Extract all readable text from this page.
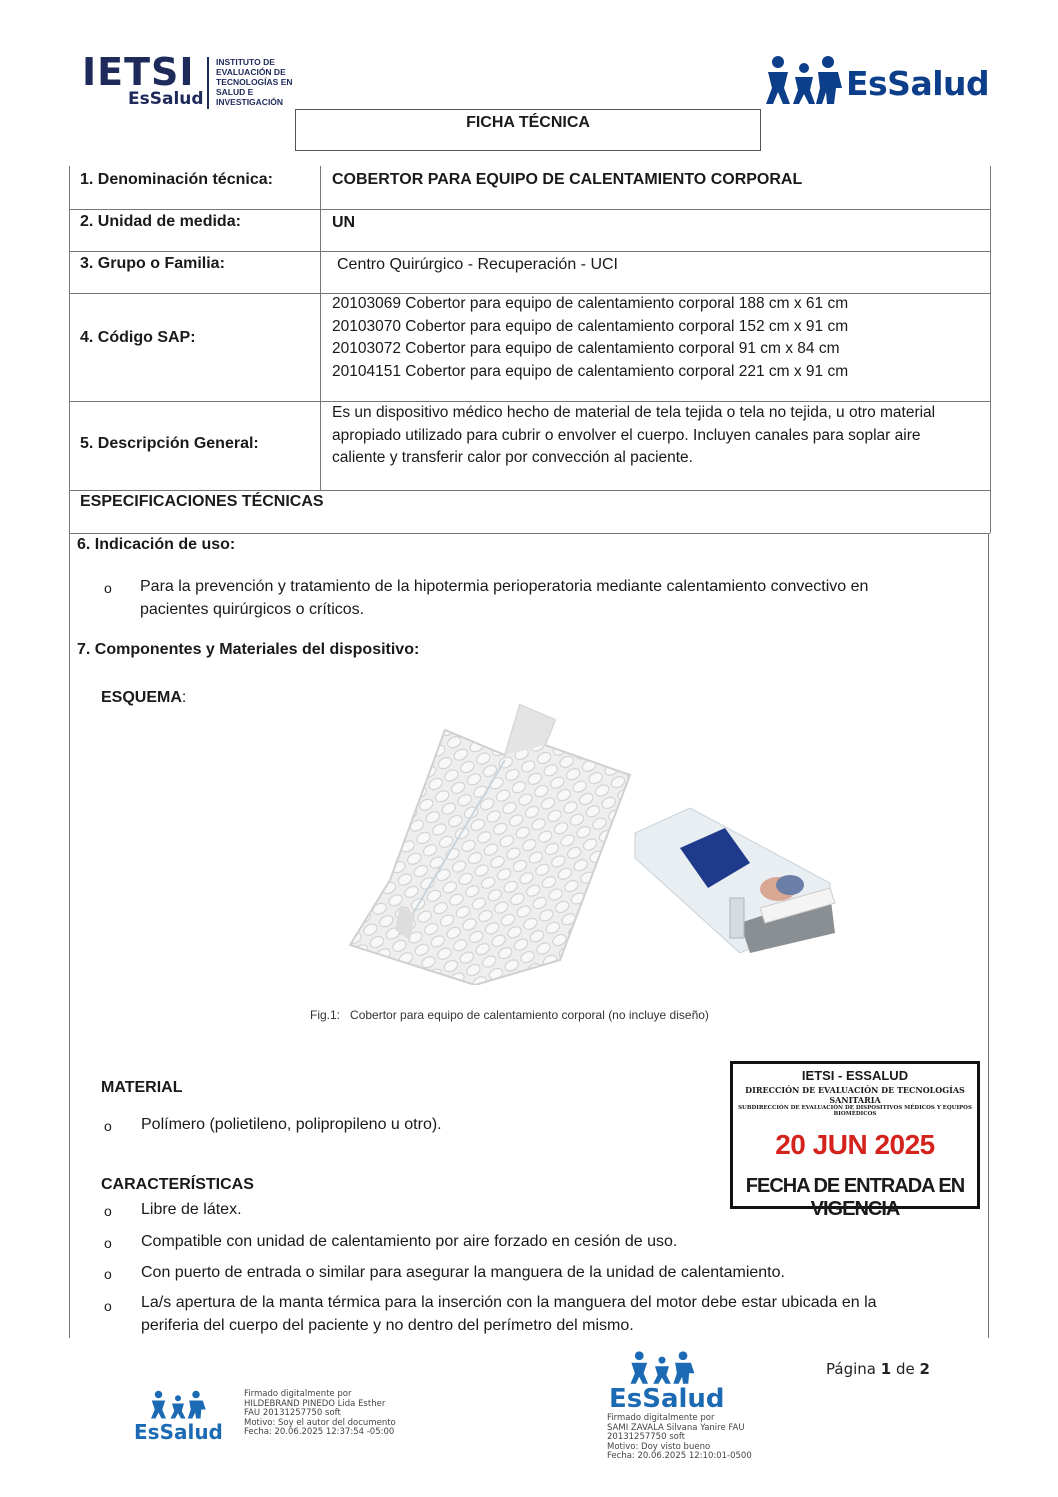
IETSI
EsSalud
INSTITUTO DE
EVALUACIÓN DE
TECNOLOGÍAS EN
SALUD E
INVESTIGACIÓN	EsSalud
FICHA TÉCNICA
1. Denominación técnica:	COBERTOR PARA EQUIPO DE CALENTAMIENTO CORPORAL
2. Unidad de medida:	UN
3. Grupo o Familia:	Centro Quirúrgico - Recuperación - UCI
4. Código SAP:
20103069 Cobertor para equipo de calentamiento corporal 188 cm x 61 cm
20103070 Cobertor para equipo de calentamiento corporal 152 cm x 91 cm
20103072 Cobertor para equipo de calentamiento corporal 91 cm x 84 cm
20104151 Cobertor para equipo de calentamiento corporal 221 cm x 91 cm
5. Descripción General:
Es un dispositivo médico hecho de material de tela tejida o tela no tejida, u otro material
apropiado utilizado para cubrir o envolver el cuerpo. Incluyen canales para soplar aire
caliente y transferir calor por convección al paciente.
ESPECIFICACIONES TÉCNICAS
6. Indicación de uso:
o Para la prevención y tratamiento de la hipotermia perioperatoria mediante calentamiento convectivo en
pacientes quirúrgicos o críticos.
7. Componentes y Materiales del dispositivo:
ESQUEMA:
Fig.1: Cobertor para equipo de calentamiento corporal (no incluye diseño)
MATERIAL
o Polímero (polietileno, polipropileno u otro).
IETSI - ESSALUD
DIRECCIÓN DE EVALUACIÓN DE TECNOLOGÍAS SANITARIA
SUBDIRECCIÓN DE EVALUACIÓN DE DISPOSITIVOS MÉDICOS Y EQUIPOS BIOMÉDICOS
20 JUN 2025
FECHA DE ENTRADA EN VIGENCIA
CARACTERÍSTICAS
o Libre de látex.
o Compatible con unidad de calentamiento por aire forzado en cesión de uso.
o Con puerto de entrada o similar para asegurar la manguera de la unidad de calentamiento.
o La/s apertura de la manta térmica para la inserción con la manguera del motor debe estar ubicada en la
periferia del cuerpo del paciente y no dentro del perímetro del mismo.
Página 1 de 2
EsSalud
Firmado digitalmente por
HILDEBRAND PINEDO Lida Esther
FAU 20131257750 soft
Motivo: Soy el autor del documento
Fecha: 20.06.2025 12:37:54 -05:00
EsSalud
Firmado digitalmente por
SAMI ZAVALA Silvana Yanire FAU
20131257750 soft
Motivo: Doy visto bueno
Fecha: 20.06.2025 12:10:01-0500
